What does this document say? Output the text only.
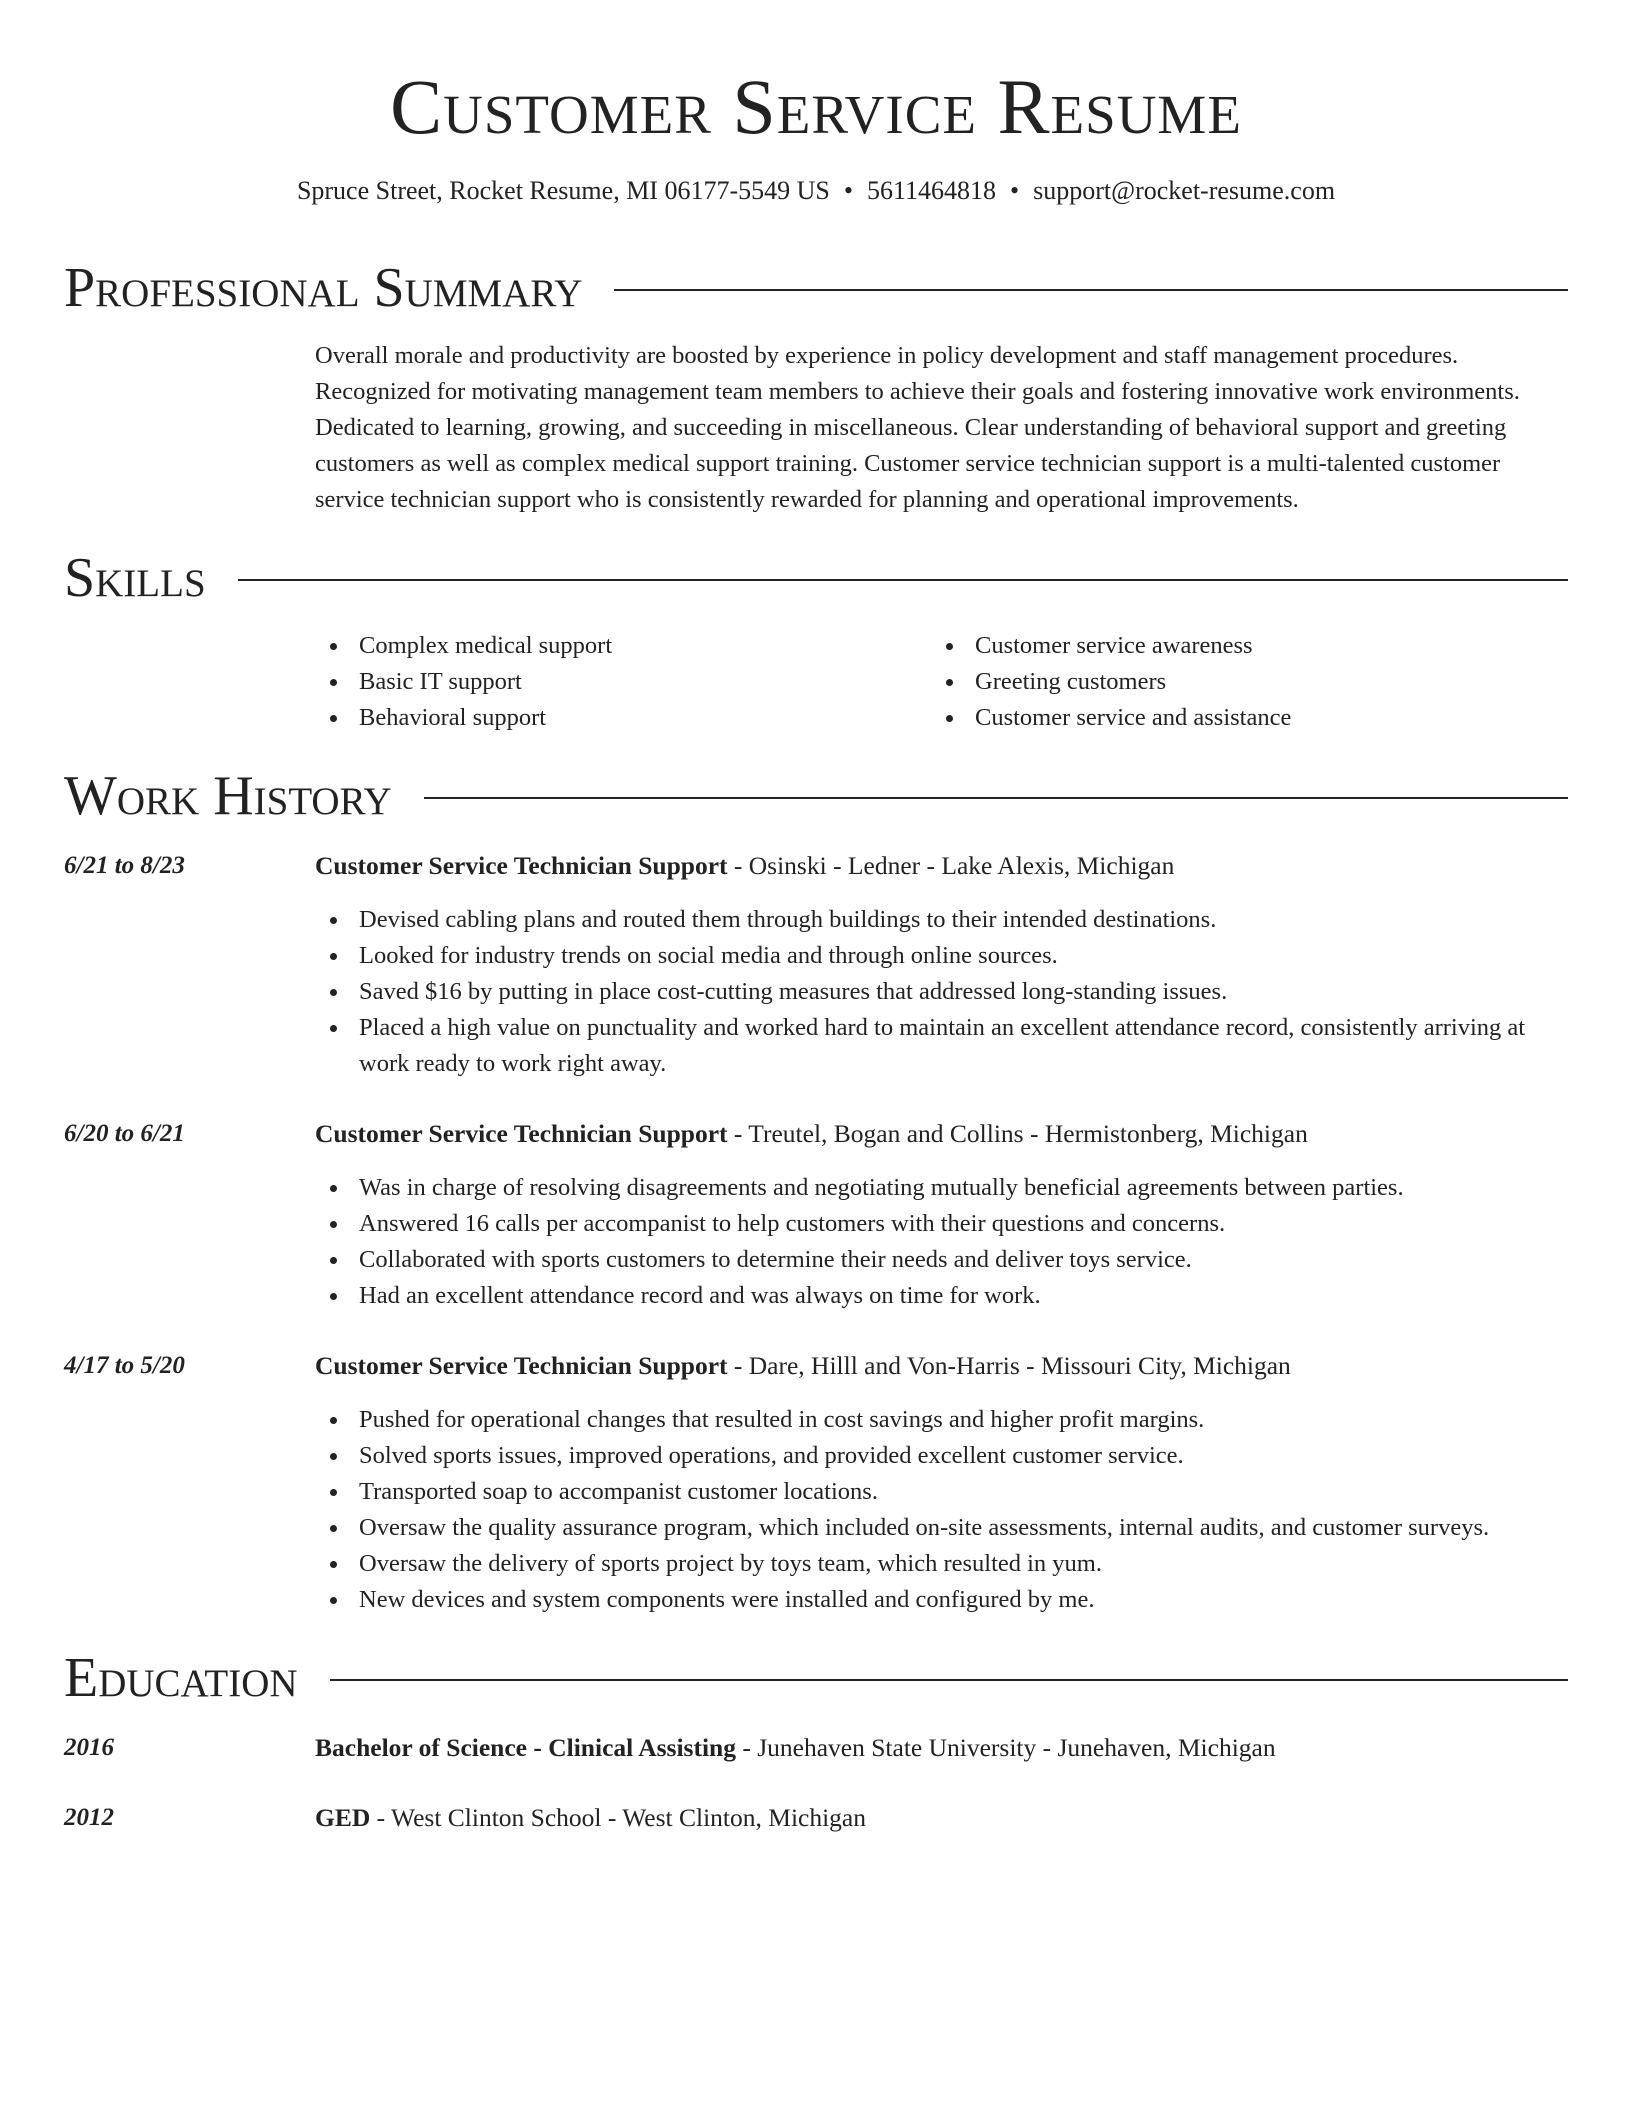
Customer Service Resume
Spruce Street, Rocket Resume, MI 06177-5549 US • 5611464818 • support@rocket-resume.com
Professional Summary

Overall morale and productivity are boosted by experience in policy development and staff management procedures. Recognized for motivating management team members to achieve their goals and fostering innovative work environments. Dedicated to learning, growing, and succeeding in miscellaneous. Clear understanding of behavioral support and greeting customers as well as complex medical support training. Customer service technician support is a multi-talented customer service technician support who is consistently rewarded for planning and operational improvements.

Skills
Complex medical support
Basic IT support
Behavioral support
Customer service awareness
Greeting customers
Customer service and assistance
Work History
6/21 to 8/23	Customer Service Technician Support - Osinski - Ledner - Lake Alexis, Michigan
Devised cabling plans and routed them through buildings to their intended destinations.
Looked for industry trends on social media and through online sources.
Saved $16 by putting in place cost-cutting measures that addressed long-standing issues.
Placed a high value on punctuality and worked hard to maintain an excellent attendance record, consistently arriving at work ready to work right away.
6/20 to 6/21	Customer Service Technician Support - Treutel, Bogan and Collins - Hermistonberg, Michigan
Was in charge of resolving disagreements and negotiating mutually beneficial agreements between parties.
Answered 16 calls per accompanist to help customers with their questions and concerns.
Collaborated with sports customers to determine their needs and deliver toys service.
Had an excellent attendance record and was always on time for work.
4/17 to 5/20	Customer Service Technician Support - Dare, Hilll and Von-Harris - Missouri City, Michigan
Pushed for operational changes that resulted in cost savings and higher profit margins.
Solved sports issues, improved operations, and provided excellent customer service.
Transported soap to accompanist customer locations.
Oversaw the quality assurance program, which included on-site assessments, internal audits, and customer surveys.
Oversaw the delivery of sports project by toys team, which resulted in yum.
New devices and system components were installed and configured by me.
Education
2016	Bachelor of Science - Clinical Assisting - Junehaven State University - Junehaven, Michigan
2012	GED - West Clinton School - West Clinton, Michigan
